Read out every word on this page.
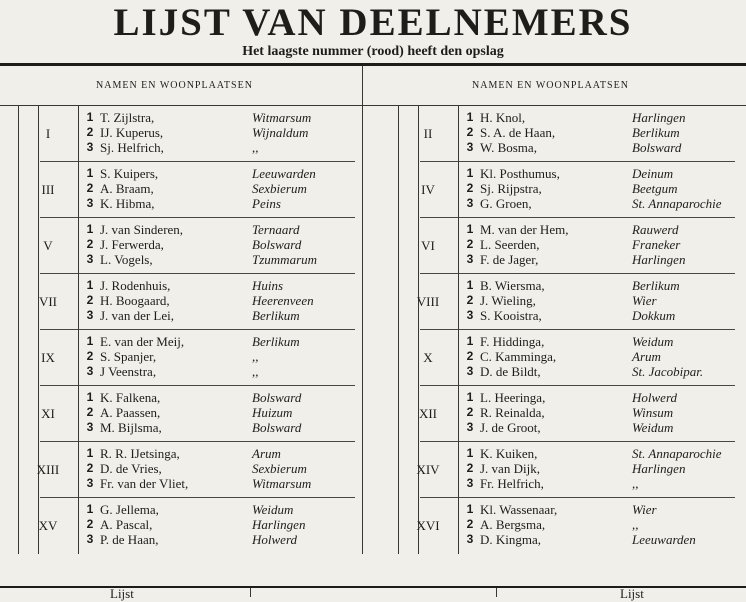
LIJST VAN DEELNEMERS
Het laagste nummer (rood) heeft den opslag
NAMEN EN WOONPLAATSEN	NAMEN EN WOONPLAATSEN
I
1 T. Zijlstra,	Witmarsum
2 IJ. Kuperus,	Wijnaldum
3 Sj. Helfrich,	,,
III
1 S. Kuipers,	Leeuwarden
2 A. Braam,	Sexbierum
3 K. Hibma,	Peins
V
1 J. van Sinderen,	Ternaard
2 J. Ferwerda,	Bolsward
3 L. Vogels,	Tzummarum
VII
1 J. Rodenhuis,	Huins
2 H. Boogaard,	Heerenveen
3 J. van der Lei,	Berlikum
IX
1 E. van der Meij,	Berlikum
2 S. Spanjer,	,,
3 J Veenstra,	,,
XI
1 K. Falkena,	Bolsward
2 A. Paassen,	Huizum
3 M. Bijlsma,	Bolsward
XIII
1 R. R. IJetsinga,	Arum
2 D. de Vries,	Sexbierum
3 Fr. van der Vliet,	Witmarsum
XV
1 G. Jellema,	Weidum
2 A. Pascal,	Harlingen
3 P. de Haan,	Holwerd
II
1 H. Knol,	Harlingen
2 S. A. de Haan,	Berlikum
3 W. Bosma,	Bolsward
IV
1 Kl. Posthumus,	Deinum
2 Sj. Rijpstra,	Beetgum
3 G. Groen,	St. Annaparochie
VI
1 M. van der Hem,	Rauwerd
2 L. Seerden,	Franeker
3 F. de Jager,	Harlingen
VIII
1 B. Wiersma,	Berlikum
2 J. Wieling,	Wier
3 S. Kooistra,	Dokkum
X
1 F. Hiddinga,	Weidum
2 C. Kamminga,	Arum
3 D. de Bildt,	St. Jacobipar.
XII
1 L. Heeringa,	Holwerd
2 R. Reinalda,	Winsum
3 J. de Groot,	Weidum
XIV
1 K. Kuiken,	St. Annaparochie
2 J. van Dijk,	Harlingen
3 Fr. Helfrich,	,,
XVI
1 Kl. Wassenaar,	Wier
2 A. Bergsma,	,,
3 D. Kingma,	Leeuwarden
Lijst	Lijst
